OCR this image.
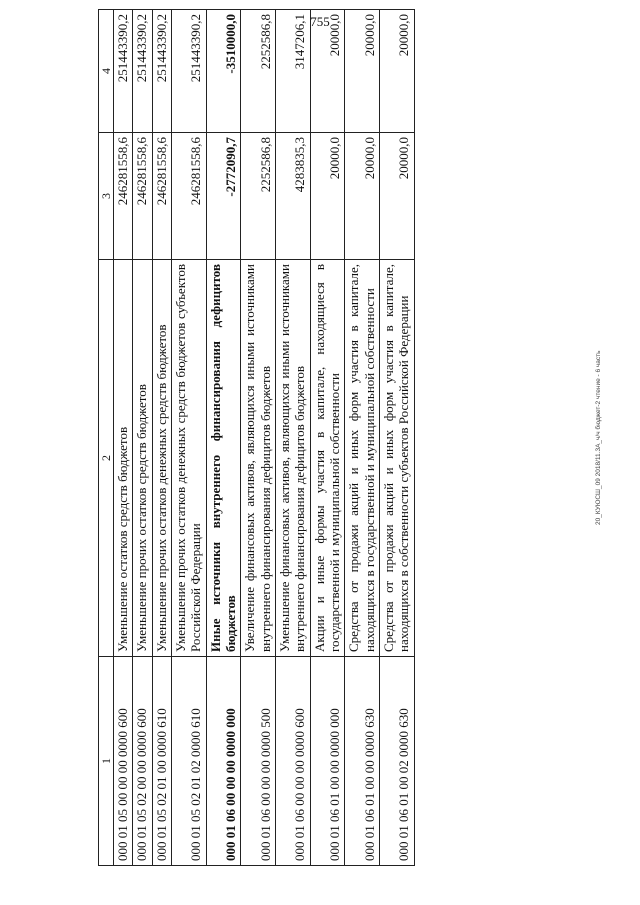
755
1	2	3	4
000 01 05 00 00 00 0000 600	Уменьшение остатков средств бюджетов	246281558,6	251443390,2
000 01 05 02 00 00 0000 600	Уменьшение прочих остатков средств бюджетов	246281558,6	251443390,2
000 01 05 02 01 00 0000 610	Уменьшение прочих остатков денежных средств бюджетов	246281558,6	251443390,2
000 01 05 02 01 02 0000 610	Уменьшение прочих остатков денежных средств бюджетов субъектов Российской Федерации	246281558,6	251443390,2
000 01 06 00 00 00 0000 000	Иные источники внутреннего финансирования дефицитов бюджетов	-2772090,7	-3510000,0
000 01 06 00 00 00 0000 500	Увеличение финансовых активов, являющихся иными источниками внутреннего финансирования дефицитов бюджетов	2252586,8	2252586,8
000 01 06 00 00 00 0000 600	Уменьшение финансовых активов, являющихся иными источниками внутреннего финансирования дефицитов бюджетов	4283835,3	3147206,1
000 01 06 01 00 00 0000 000	Акции и иные формы участия в капитале, находящиеся в государственной и муниципальной собственности	20000,0	20000,0
000 01 06 01 00 00 0000 630	Средства от продажи акций и иных форм участия в капитале, находящихся в государственной и муниципальной собственности	20000,0	20000,0
000 01 06 01 00 02 0000 630	Средства от продажи акций и иных форм участия в капитале, находящихся в собственности субъектов Российской Федерации	20000,0	20000,0
20_КУЮСШ_09 2018/11.3А_ч/ч бюджет-2 чтение - 6 часть
